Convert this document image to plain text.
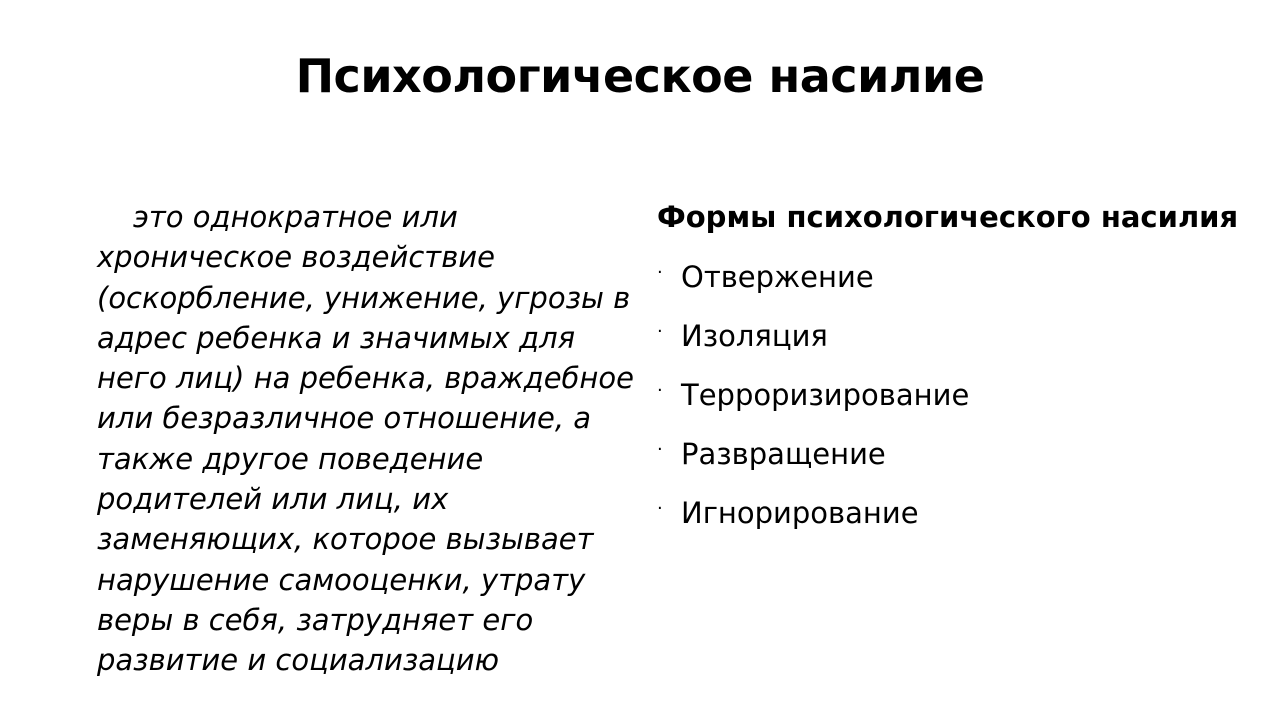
Психологическое насилие
это однократное или хроническое воздействие (оскорбление, унижение, угрозы в адрес ребенка и значимых для него лиц) на ребенка, враждебное или безразличное отношение, а также другое поведение родителей или лиц, их заменяющих, которое вызывает нарушение самооценки, утрату веры в себя, затрудняет его развитие и социализацию
Формы психологического насилия
· Отвержение
· Изоляция
· Терроризирование
· Развращение
· Игнорирование
